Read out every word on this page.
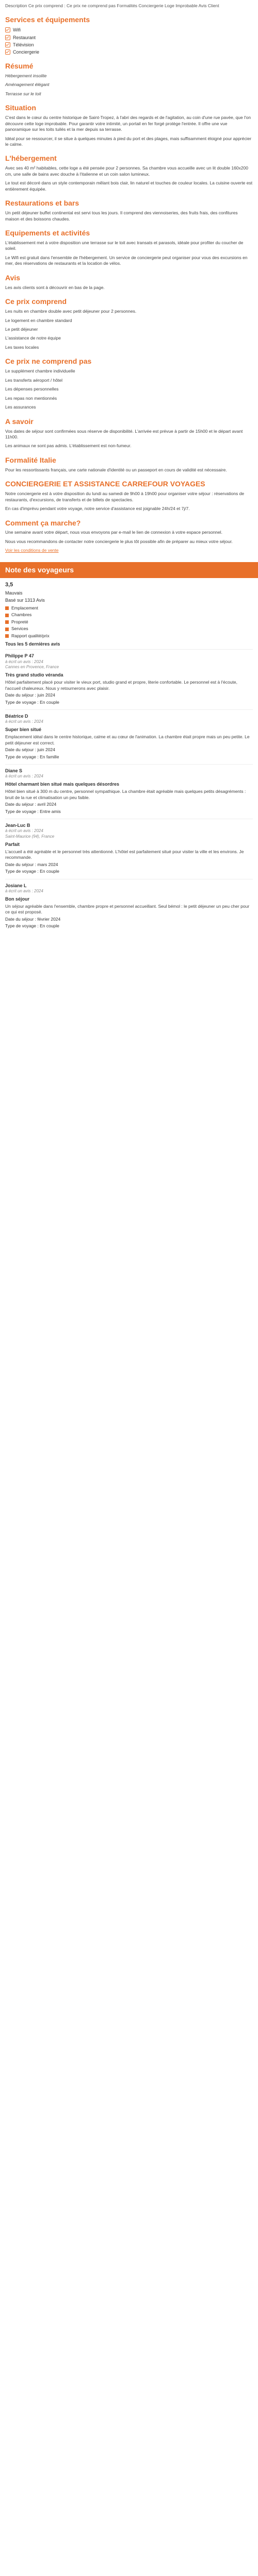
Description Ce prix comprend : Ce prix ne comprend pas Formalités Conciergerie Loge Improbable Avis Client
Services et équipements
Wifi
Restaurant
Télévision
Conciergerie
Résumé

Hébergement insolite

Aménagement élégant

Terrasse sur le toit

Situation

C'est dans le cœur du centre historique de Saint-Tropez, à l'abri des regards et de l'agitation, au coin d'une rue pavée, que l'on découvre cette loge improbable. Pour garantir votre intimité, un portail en fer forgé protège l'entrée. Il offre une vue panoramique sur les toits tuilés et la mer depuis sa terrasse.

Idéal pour se ressourcer, il se situe à quelques minutes à pied du port et des plages, mais suffisamment éloigné pour apprécier le calme.

L'hébergement

Avec ses 40 m² habitables, cette loge a été pensée pour 2 personnes. Sa chambre vous accueille avec un lit double 160x200 cm, une salle de bains avec douche à l'italienne et un coin salon lumineux.

Le tout est décoré dans un style contemporain mêlant bois clair, lin naturel et touches de couleur locales. La cuisine ouverte est entièrement équipée.

Restaurations et bars

Un petit déjeuner buffet continental est servi tous les jours. Il comprend des viennoiseries, des fruits frais, des confitures maison et des boissons chaudes.

Equipements et activités

L'établissement met à votre disposition une terrasse sur le toit avec transats et parasols, idéale pour profiter du coucher de soleil.

Le Wifi est gratuit dans l'ensemble de l'hébergement. Un service de conciergerie peut organiser pour vous des excursions en mer, des réservations de restaurants et la location de vélos.

Avis

Les avis clients sont à découvrir en bas de la page.

Ce prix comprend

Les nuits en chambre double avec petit déjeuner pour 2 personnes.

Le logement en chambre standard

Le petit déjeuner

L'assistance de notre équipe

Les taxes locales

Ce prix ne comprend pas

Le supplément chambre individuelle

Les transferts aéroport / hôtel

Les dépenses personnelles

Les repas non mentionnés

Les assurances

A savoir

Vos dates de séjour sont confirmées sous réserve de disponibilité. L'arrivée est prévue à partir de 15h00 et le départ avant 11h00.

Les animaux ne sont pas admis. L'établissement est non-fumeur.

Formalité Italie

Pour les ressortissants français, une carte nationale d'identité ou un passeport en cours de validité est nécessaire.

CONCIERGERIE ET ASSISTANCE CARREFOUR VOYAGES

Notre conciergerie est à votre disposition du lundi au samedi de 9h00 à 19h00 pour organiser votre séjour : réservations de restaurants, d'excursions, de transferts et de billets de spectacles.

En cas d'imprévu pendant votre voyage, notre service d'assistance est joignable 24h/24 et 7j/7.

Comment ça marche?

Une semaine avant votre départ, nous vous envoyons par e-mail le lien de connexion à votre espace personnel.

Nous vous recommandons de contacter notre conciergerie le plus tôt possible afin de préparer au mieux votre séjour.

Voir les conditions de vente

Note des voyageurs
3,5
Mauvais
Basé sur 1313 Avis
Emplacement
Chambres
Propreté
Services
Rapport qualité/prix
Tous les 5 dernières avis
Philippe P 47
à écrit un avis : 2024
Cannes en Provence, France
Très grand studio véranda
Hôtel parfaitement placé pour visiter le vieux port, studio grand et propre, literie confortable. Le personnel est à l'écoute, l'accueil chaleureux. Nous y retournerons avec plaisir.
Date du séjour : juin 2024
Type de voyage : En couple
Béatrice D
à écrit un avis : 2024
Super bien situé
Emplacement idéal dans le centre historique, calme et au cœur de l'animation. La chambre était propre mais un peu petite. Le petit déjeuner est correct.
Date du séjour : juin 2024
Type de voyage : En famille
Diane S
à écrit un avis : 2024
Hôtel charmant bien situé mais quelques désordres
Hôtel bien situé à 300 m du centre, personnel sympathique. La chambre était agréable mais quelques petits désagréments : bruit de la rue et climatisation un peu faible.
Date du séjour : avril 2024
Type de voyage : Entre amis
Jean-Luc B
à écrit un avis : 2024
Saint-Maurice (94), France
Parfait
L'accueil a été agréable et le personnel très attentionné. L'hôtel est parfaitement situé pour visiter la ville et les environs. Je recommande.
Date du séjour : mars 2024
Type de voyage : En couple
Josiane L
à écrit un avis : 2024
Bon séjour
Un séjour agréable dans l'ensemble, chambre propre et personnel accueillant. Seul bémol : le petit déjeuner un peu cher pour ce qui est proposé.
Date du séjour : février 2024
Type de voyage : En couple
